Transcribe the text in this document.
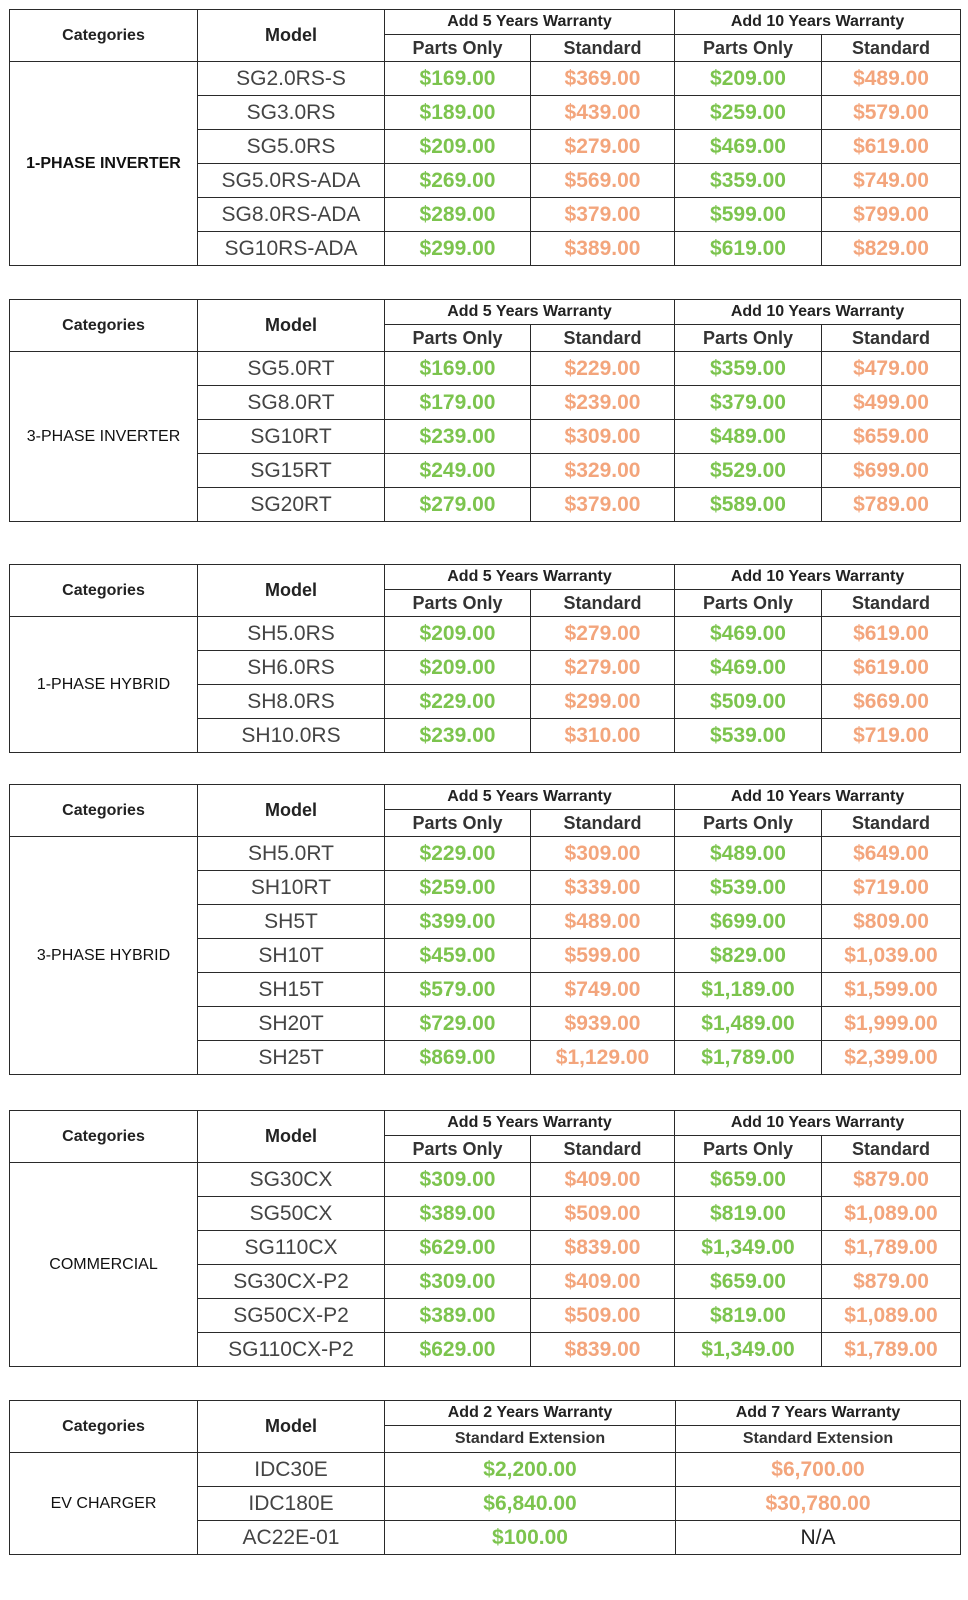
Categories	Model	Add 5 Years Warranty		Add 10 Years Warranty	
		Parts Only	Standard	Parts Only	Standard
1-PHASE INVERTER	SG2.0RS-S	$169.00	$369.00	$209.00	$489.00
	SG3.0RS	$189.00	$439.00	$259.00	$579.00
	SG5.0RS	$209.00	$279.00	$469.00	$619.00
	SG5.0RS-ADA	$269.00	$569.00	$359.00	$749.00
	SG8.0RS-ADA	$289.00	$379.00	$599.00	$799.00
	SG10RS-ADA	$299.00	$389.00	$619.00	$829.00
Categories	Model	Add 5 Years Warranty		Add 10 Years Warranty	
		Parts Only	Standard	Parts Only	Standard
3-PHASE INVERTER	SG5.0RT	$169.00	$229.00	$359.00	$479.00
	SG8.0RT	$179.00	$239.00	$379.00	$499.00
	SG10RT	$239.00	$309.00	$489.00	$659.00
	SG15RT	$249.00	$329.00	$529.00	$699.00
	SG20RT	$279.00	$379.00	$589.00	$789.00
Categories	Model	Add 5 Years Warranty		Add 10 Years Warranty	
		Parts Only	Standard	Parts Only	Standard
1-PHASE HYBRID	SH5.0RS	$209.00	$279.00	$469.00	$619.00
	SH6.0RS	$209.00	$279.00	$469.00	$619.00
	SH8.0RS	$229.00	$299.00	$509.00	$669.00
	SH10.0RS	$239.00	$310.00	$539.00	$719.00
Categories	Model	Add 5 Years Warranty		Add 10 Years Warranty	
		Parts Only	Standard	Parts Only	Standard
3-PHASE HYBRID	SH5.0RT	$229.00	$309.00	$489.00	$649.00
	SH10RT	$259.00	$339.00	$539.00	$719.00
	SH5T	$399.00	$489.00	$699.00	$809.00
	SH10T	$459.00	$599.00	$829.00	$1,039.00
	SH15T	$579.00	$749.00	$1,189.00	$1,599.00
	SH20T	$729.00	$939.00	$1,489.00	$1,999.00
	SH25T	$869.00	$1,129.00	$1,789.00	$2,399.00
Categories	Model	Add 5 Years Warranty		Add 10 Years Warranty	
		Parts Only	Standard	Parts Only	Standard
COMMERCIAL	SG30CX	$309.00	$409.00	$659.00	$879.00
	SG50CX	$389.00	$509.00	$819.00	$1,089.00
	SG110CX	$629.00	$839.00	$1,349.00	$1,789.00
	SG30CX-P2	$309.00	$409.00	$659.00	$879.00
	SG50CX-P2	$389.00	$509.00	$819.00	$1,089.00
	SG110CX-P2	$629.00	$839.00	$1,349.00	$1,789.00
Categories	Model	Add 2 Years Warranty	Add 7 Years Warranty
		Standard Extension	Standard Extension
EV CHARGER	IDC30E	$2,200.00	$6,700.00
	IDC180E	$6,840.00	$30,780.00
	AC22E-01	$100.00	N/A
